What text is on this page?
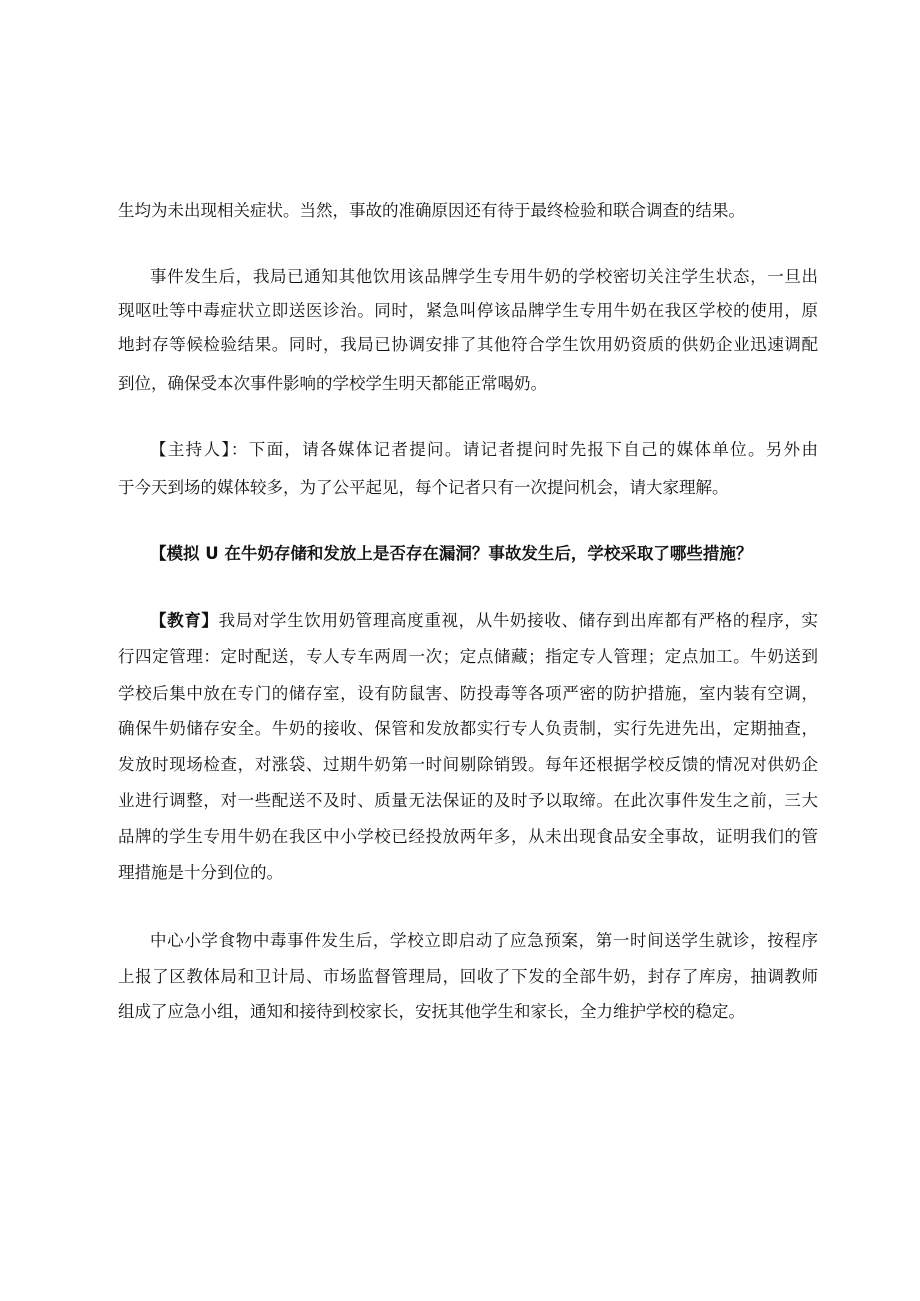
生均为未出现相关症状。当然，事故的准确原因还有待于最终检验和联合调查的结果。
事件发生后，我局已通知其他饮用该品牌学生专用牛奶的学校密切关注学生状态，一旦出
现呕吐等中毒症状立即送医诊治。同时，紧急叫停该品牌学生专用牛奶在我区学校的使用，原
地封存等候检验结果。同时，我局已协调安排了其他符合学生饮用奶资质的供奶企业迅速调配
到位，确保受本次事件影响的学校学生明天都能正常喝奶。
【主持人】：下面，请各媒体记者提问。请记者提问时先报下自己的媒体单位。另外由
于今天到场的媒体较多，为了公平起见，每个记者只有一次提问机会，请大家理解。
【模拟 U 在牛奶存储和发放上是否存在漏洞？事故发生后，学校采取了哪些措施？
【教育】我局对学生饮用奶管理高度重视，从牛奶接收、储存到出库都有严格的程序，实
行四定管理：定时配送，专人专车两周一次；定点储藏；指定专人管理；定点加工。牛奶送到
学校后集中放在专门的储存室，设有防鼠害、防投毒等各项严密的防护措施，室内装有空调，
确保牛奶储存安全。牛奶的接收、保管和发放都实行专人负责制，实行先进先出，定期抽查，
发放时现场检查，对涨袋、过期牛奶第一时间剔除销毁。每年还根据学校反馈的情况对供奶企
业进行调整，对一些配送不及时、质量无法保证的及时予以取缔。在此次事件发生之前，三大
品牌的学生专用牛奶在我区中小学校已经投放两年多，从未出现食品安全事故，证明我们的管
理措施是十分到位的。
中心小学食物中毒事件发生后，学校立即启动了应急预案，第一时间送学生就诊，按程序
上报了区教体局和卫计局、市场监督管理局，回收了下发的全部牛奶，封存了库房，抽调教师
组成了应急小组，通知和接待到校家长，安抚其他学生和家长，全力维护学校的稳定。
